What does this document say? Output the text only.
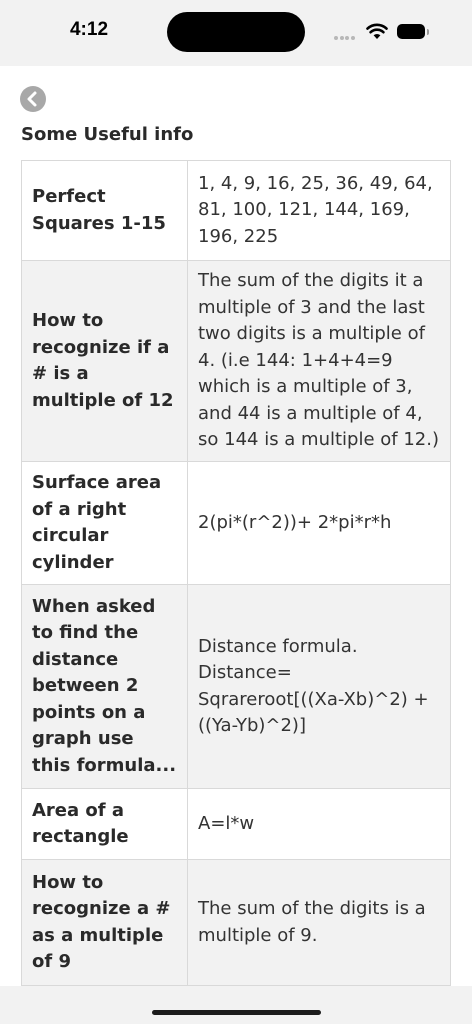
4:12
Some Useful info
Perfect Squares 1-15	1, 4, 9, 16, 25, 36, 49, 64, 81, 100, 121, 144, 169, 196, 225
How to recognize if a # is a multiple of 12	The sum of the digits it a multiple of 3 and the last two digits is a multiple of 4. (i.e 144: 1+4+4=9 which is a multiple of 3, and 44 is a multiple of 4, so 144 is a multiple of 12.)
Surface area of a right circular cylinder	2(pi*(r^2))+ 2*pi*r*h
When asked to find the distance between 2 points on a graph use this formula...	Distance formula. Distance= Sqrareroot[((Xa-Xb)^2) + ((Ya-Yb)^2)]
Area of a rectangle	A=l*w
How to recognize a # as a multiple of 9	The sum of the digits is a multiple of 9.
